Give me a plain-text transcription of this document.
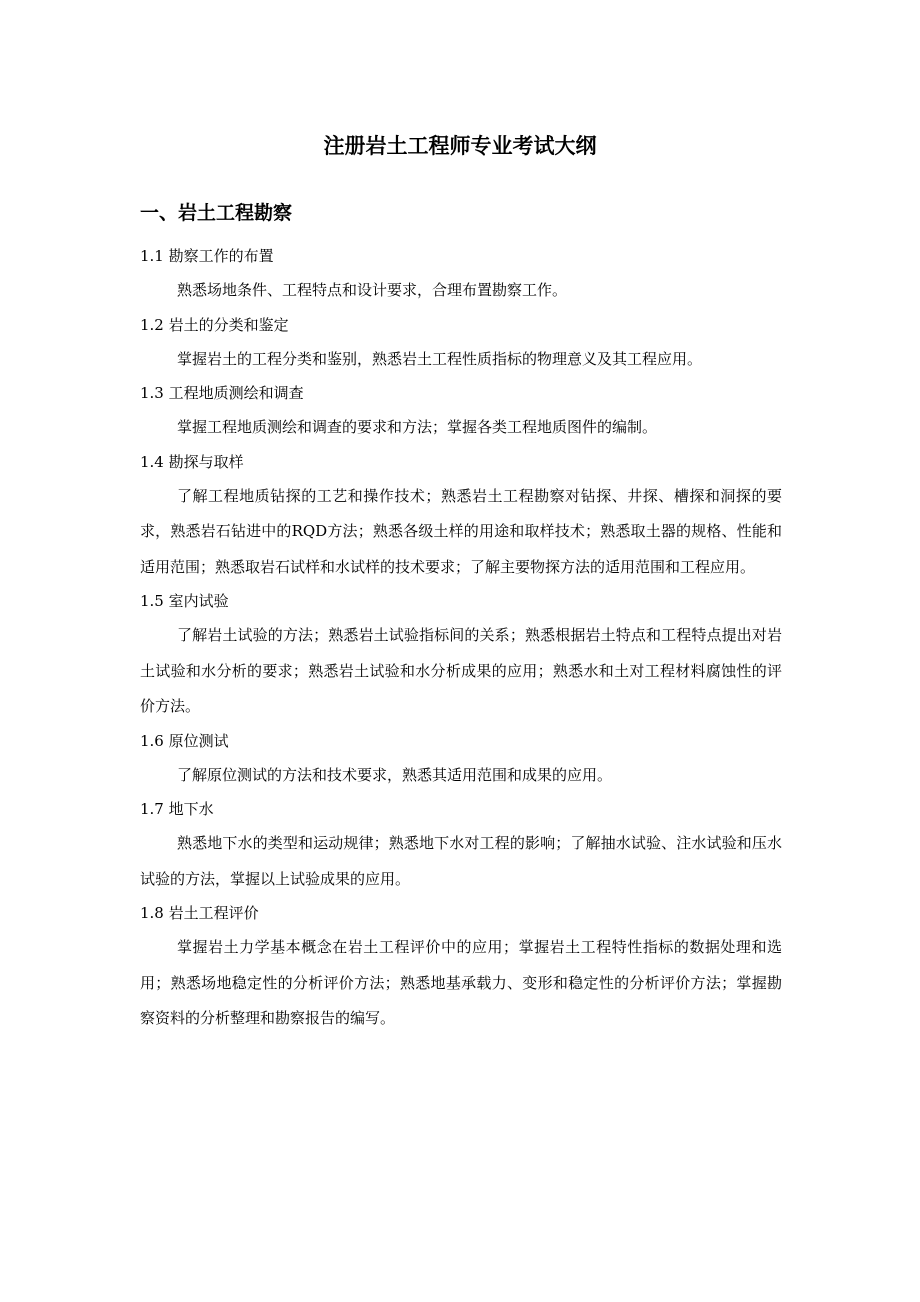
注册岩土工程师专业考试大纲
一、岩土工程勘察
1.1 勘察工作的布置

熟悉场地条件、工程特点和设计要求，合理布置勘察工作。

1.2 岩土的分类和鉴定

掌握岩土的工程分类和鉴别，熟悉岩土工程性质指标的物理意义及其工程应用。

1.3 工程地质测绘和调查

掌握工程地质测绘和调查的要求和方法；掌握各类工程地质图件的编制。

1.4 勘探与取样

了解工程地质钻探的工艺和操作技术；熟悉岩土工程勘察对钻探、井探、槽探和洞探的要求，熟悉岩石钻进中的RQD方法；熟悉各级土样的用途和取样技术；熟悉取土器的规格、性能和适用范围；熟悉取岩石试样和水试样的技术要求；了解主要物探方法的适用范围和工程应用。

1.5 室内试验

了解岩土试验的方法；熟悉岩土试验指标间的关系；熟悉根据岩土特点和工程特点提出对岩土试验和水分析的要求；熟悉岩土试验和水分析成果的应用；熟悉水和土对工程材料腐蚀性的评价方法。

1.6 原位测试

了解原位测试的方法和技术要求，熟悉其适用范围和成果的应用。

1.7 地下水

熟悉地下水的类型和运动规律；熟悉地下水对工程的影响；了解抽水试验、注水试验和压水试验的方法，掌握以上试验成果的应用。

1.8 岩土工程评价

掌握岩土力学基本概念在岩土工程评价中的应用；掌握岩土工程特性指标的数据处理和选用；熟悉场地稳定性的分析评价方法；熟悉地基承载力、变形和稳定性的分析评价方法；掌握勘察资料的分析整理和勘察报告的编写。
